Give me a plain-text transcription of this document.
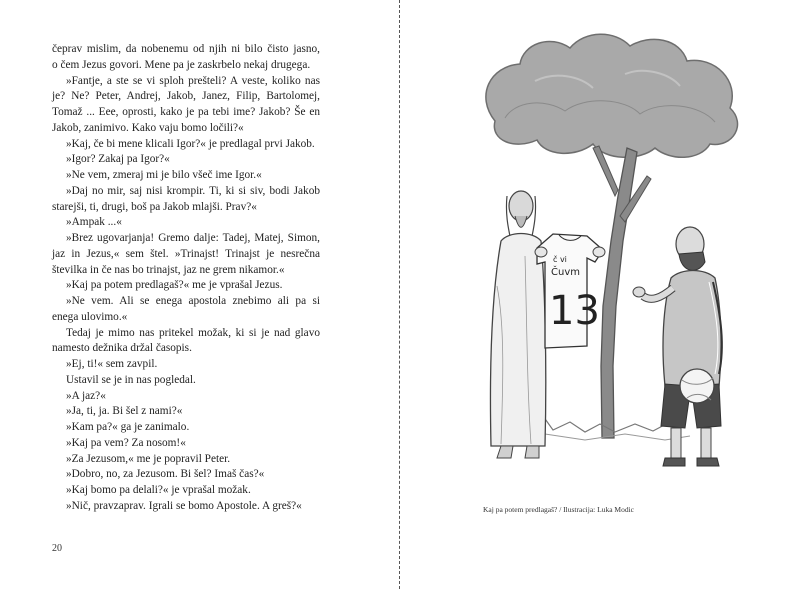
čeprav mislim, da nobenemu od njih ni bilo čisto jasno,

o čem Jezus govori. Mene pa je zaskrbelo nekaj drugega.

»Fantje, a ste se vi sploh prešteli? A veste, koliko nas

je? Ne? Peter, Andrej, Jakob, Janez, Filip, Bartolomej,

Tomaž ... Eee, oprosti, kako je pa tebi ime? Jakob? Še en

Jakob, zanimivo. Kako vaju bomo ločili?«

»Kaj, če bi mene klicali Igor?« je predlagal prvi Jakob.

»Igor? Zakaj pa Igor?«

»Ne vem, zmeraj mi je bilo všeč ime Igor.«

»Daj no mir, saj nisi krompir. Ti, ki si siv, bodi Jakob

starejši, ti, drugi, boš pa Jakob mlajši. Prav?«

»Ampak ...«

»Brez ugovarjanja! Gremo dalje: Tadej, Matej, Simon,

jaz in Jezus,« sem štel. »Trinajst! Trinajst je nesrečna

številka in če nas bo trinajst, jaz ne grem nikamor.«

»Kaj pa potem predlagaš?« me je vprašal Jezus.

»Ne vem. Ali se enega apostola znebimo ali pa si

enega ulovimo.«

Tedaj je mimo nas pritekel možak, ki si je nad glavo

namesto dežnika držal časopis.

»Ej, ti!« sem zavpil.

Ustavil se je in nas pogledal.

»A jaz?«

»Ja, ti, ja. Bi šel z nami?«

»Kam pa?« ga je zanimalo.

»Kaj pa vem? Za nosom!«

»Za Jezusom,« me je popravil Peter.

»Dobro, no, za Jezusom. Bi šel? Imaš čas?«

»Kaj bomo pa delali?« je vprašal možak.

»Nič, pravzaprav. Igrali se bomo Apostole. A greš?«

20
č vi
Čuvm
13
Kaj pa potem predlagaš? / Ilustracija: Luka Modic
